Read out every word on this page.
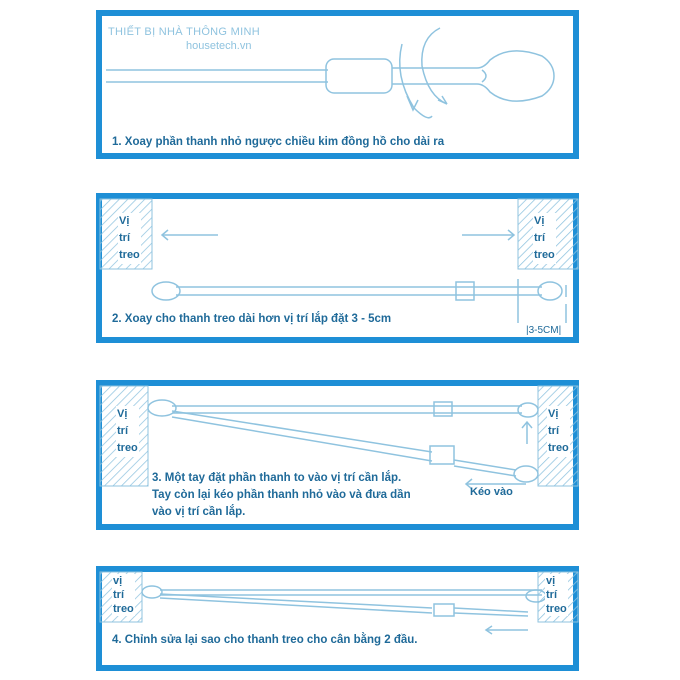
THIẾT BỊ NHÀ THÔNG MINH
housetech.vn
1. Xoay phần thanh nhỏ ngược chiều kim đồng hồ cho dài ra
Vị
trí
treo
Vị
trí
treo
2. Xoay cho thanh treo dài hơn vị trí lắp đặt 3 - 5cm
|3-5CM|
Vị
trí
treo
Vị
trí
treo
3. Một tay đặt phần thanh to vào vị trí cần lắp.
Tay còn lại kéo phần thanh nhỏ vào và đưa dần
vào vị trí cần lắp.
Kéo vào
vị
trí
treo
vị
trí
treo
4. Chỉnh sửa lại sao cho thanh treo cho cân bằng 2 đầu.
